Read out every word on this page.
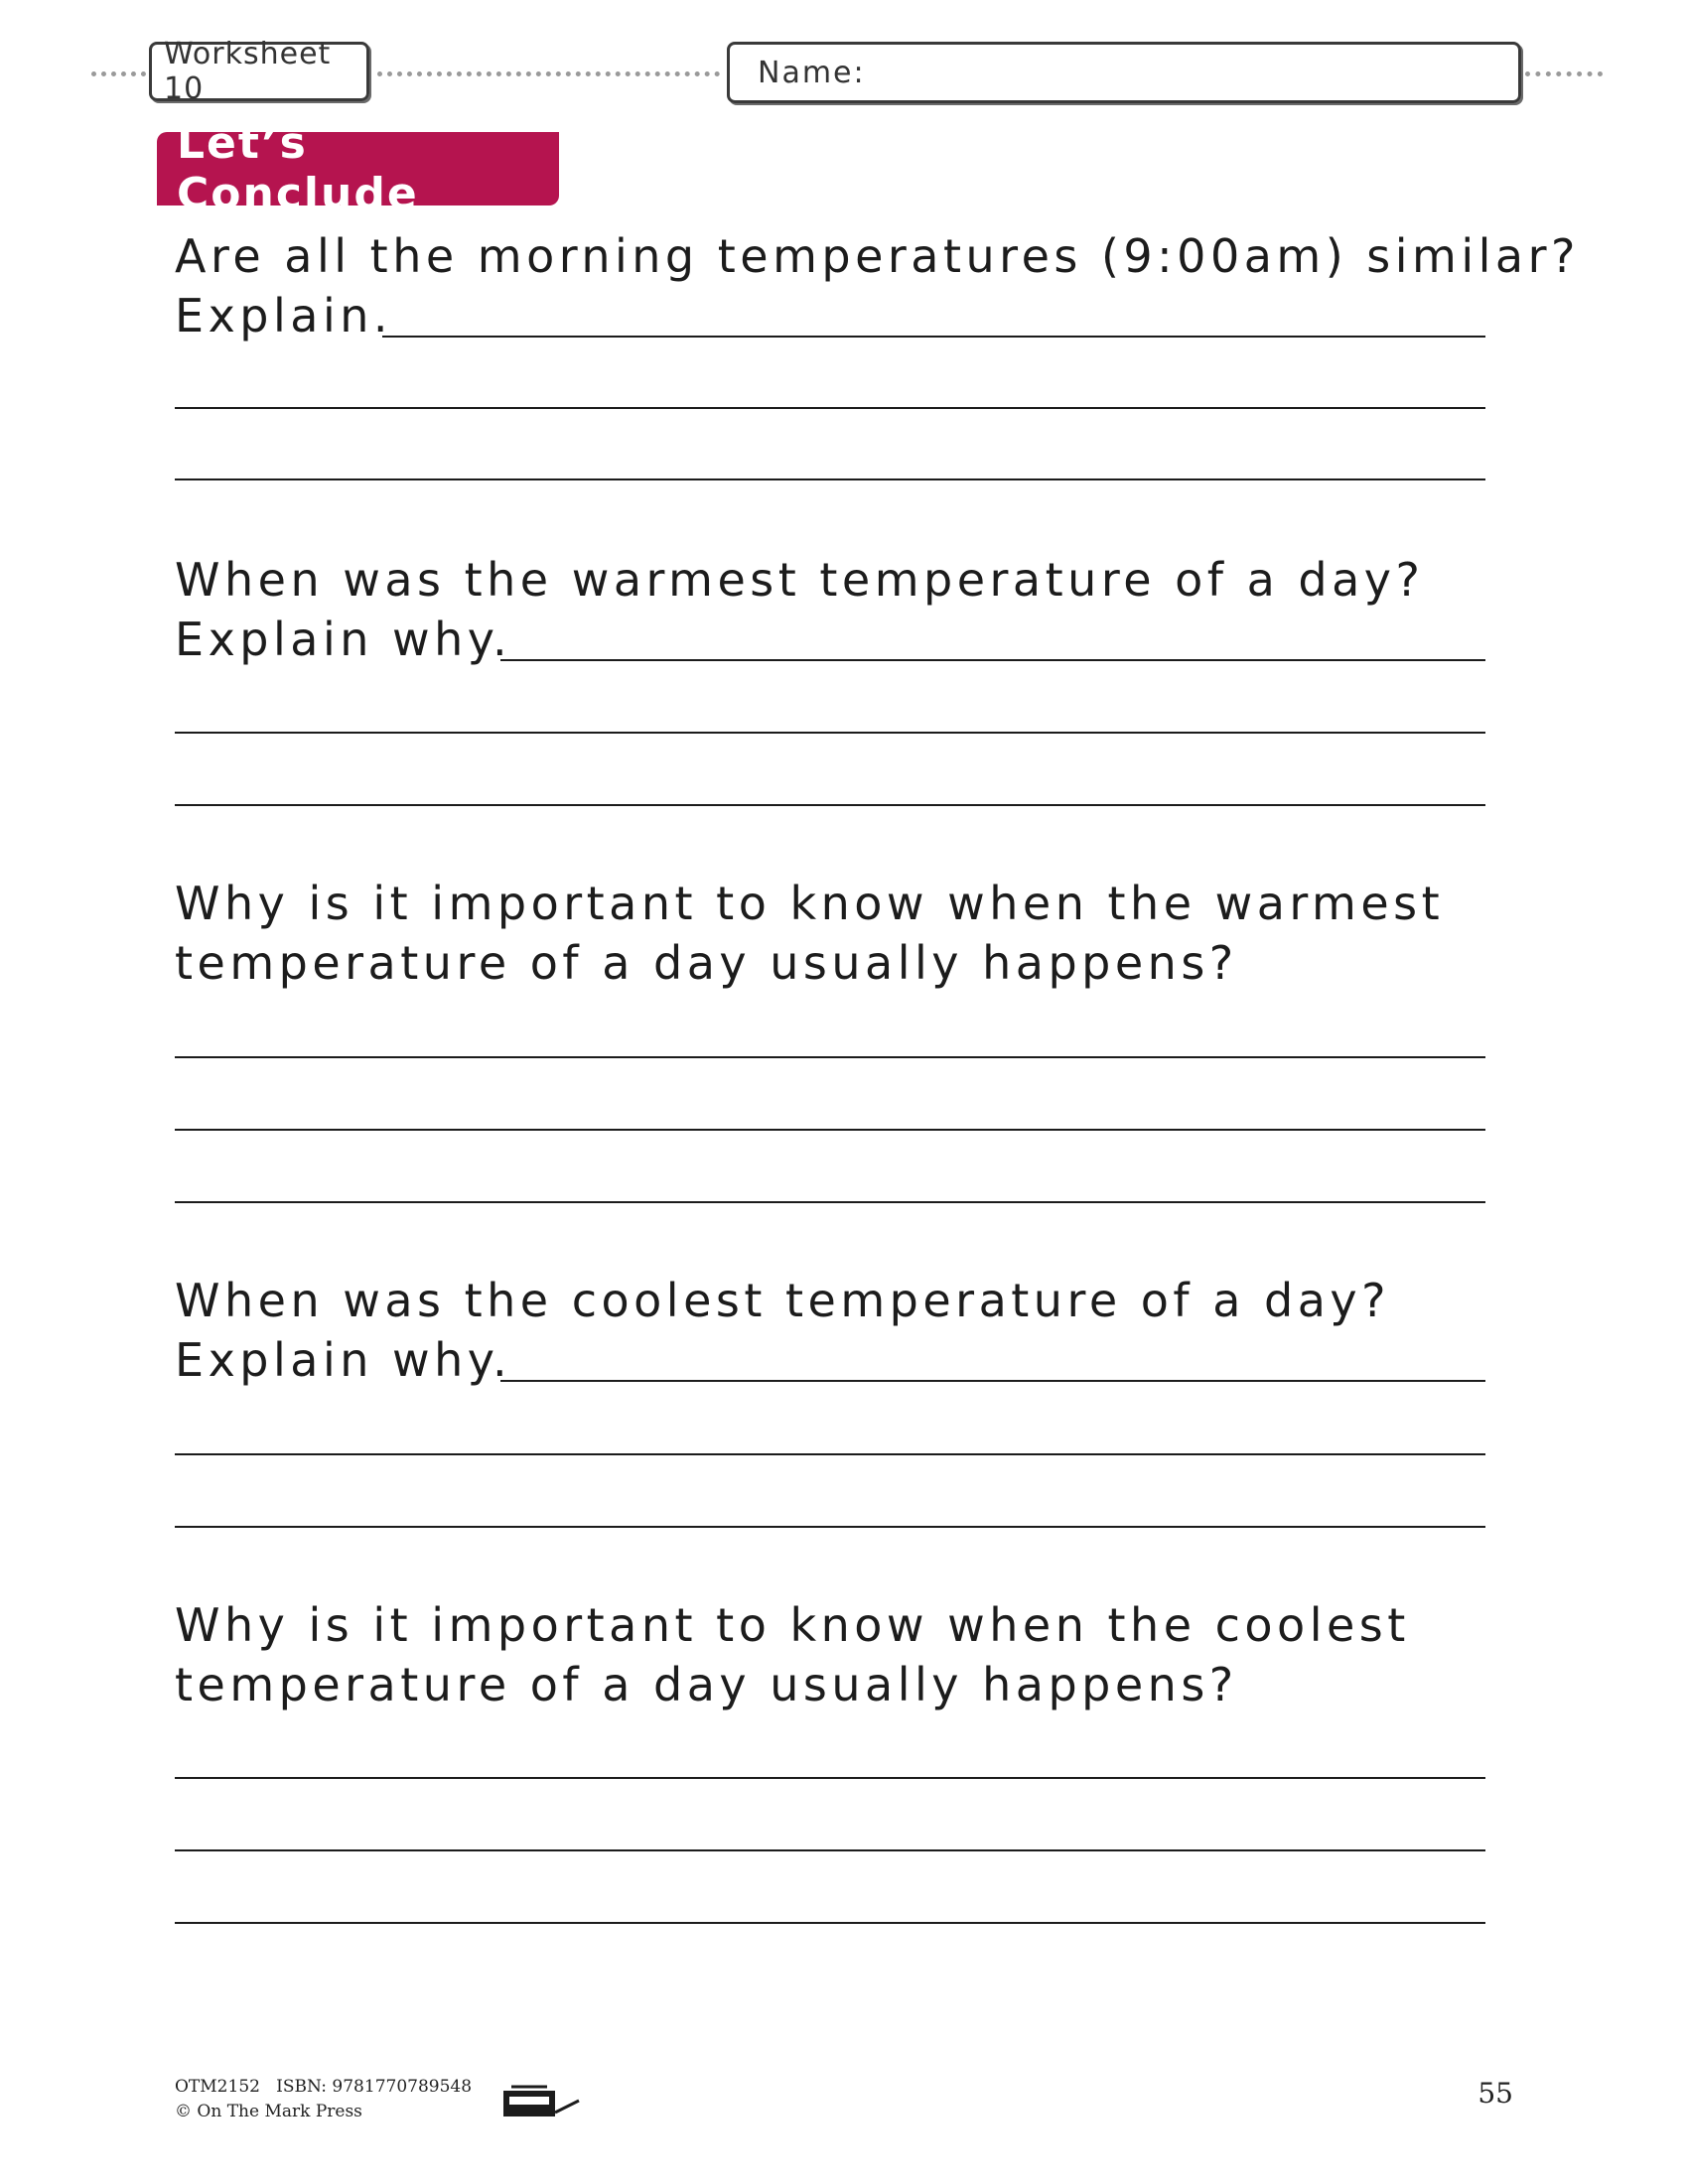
Worksheet 10	Name:
Let’s Conclude
Are all the morning temperatures (9:00am) similar?
Explain.
When was the warmest temperature of a day?
Explain why.
Why is it important to know when the warmest
temperature of a day usually happens?
When was the coolest temperature of a day?
Explain why.
Why is it important to know when the coolest
temperature of a day usually happens?
OTM2152 ISBN: 9781770789548
© On The Mark Press
55
